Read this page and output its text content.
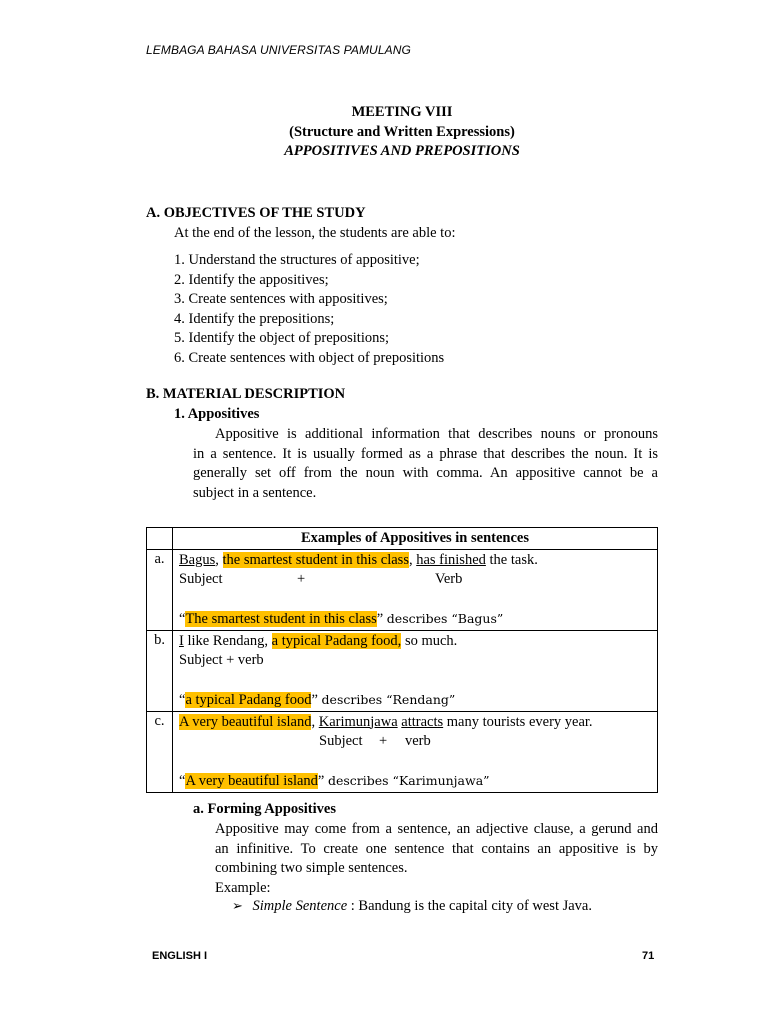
LEMBAGA BAHASA UNIVERSITAS PAMULANG
MEETING VIII
(Structure and Written Expressions)
APPOSITIVES AND PREPOSITIONS
A. OBJECTIVES OF THE STUDY
At the end of the lesson, the students are able to:
1. Understand the structures of appositive;
2. Identify the appositives;
3. Create sentences with appositives;
4. Identify the prepositions;
5. Identify the object of prepositions;
6. Create sentences with object of prepositions
B. MATERIAL DESCRIPTION
1. Appositives
Appositive is additional information that describes nouns or pronouns
in a sentence. It is usually formed as a phrase that describes the noun. It is
generally set off from the noun with comma. An appositive cannot be a
subject in a sentence.
	Examples of Appositives in sentences
a.	Bagus, the smartest student in this class, has finished the task.
Subject + Verb
“The smartest student in this class” describes “Bagus”

b.	I like Rendang, a typical Padang food, so much.
Subject + verb
“a typical Padang food” describes “Rendang”

c.	A very beautiful island, Karimunjawa attracts many tourists every year.
Subject + verb
“A very beautiful island” describes “Karimunjawa”
a. Forming Appositives
Appositive may come from a sentence, an adjective clause, a gerund and
an infinitive. To create one sentence that contains an appositive is by
combining two simple sentences.
Example:
➢ Simple Sentence : Bandung is the capital city of west Java.
ENGLISH I	71
